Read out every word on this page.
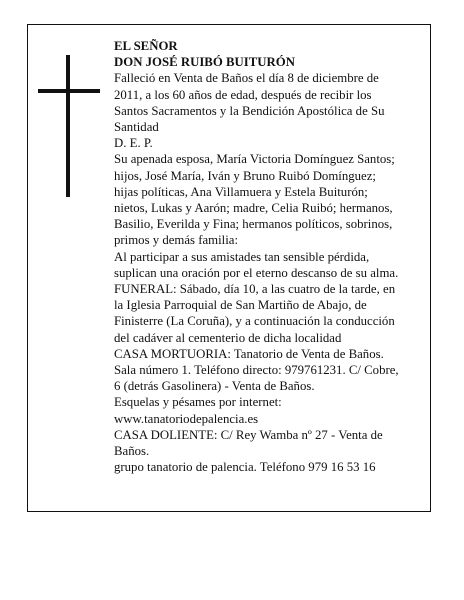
EL SEÑOR
DON JOSÉ RUIBÓ BUITURÓN
Falleció en Venta de Baños el día 8 de diciembre de
2011, a los 60 años de edad, después de recibir los
Santos Sacramentos y la Bendición Apostólica de Su
Santidad
D. E. P.
Su apenada esposa, María Victoria Domínguez Santos;
hijos, José María, Iván y Bruno Ruibó Domínguez;
hijas políticas, Ana Villamuera y Estela Buiturón;
nietos, Lukas y Aarón; madre, Celia Ruibó; hermanos,
Basilio, Everilda y Fina; hermanos políticos, sobrinos,
primos y demás familia:
Al participar a sus amistades tan sensible pérdida,
suplican una oración por el eterno descanso de su alma.
FUNERAL: Sábado, día 10, a las cuatro de la tarde, en
la Iglesia Parroquial de San Martiño de Abajo, de
Finisterre (La Coruña), y a continuación la conducción
del cadáver al cementerio de dicha localidad
CASA MORTUORIA: Tanatorio de Venta de Baños.
Sala número 1. Teléfono directo: 979761231. C/ Cobre,
6 (detrás Gasolinera) - Venta de Baños.
Esquelas y pésames por internet:
www.tanatoriodepalencia.es
CASA DOLIENTE: C/ Rey Wamba nº 27 - Venta de
Baños.
grupo tanatorio de palencia. Teléfono 979 16 53 16
